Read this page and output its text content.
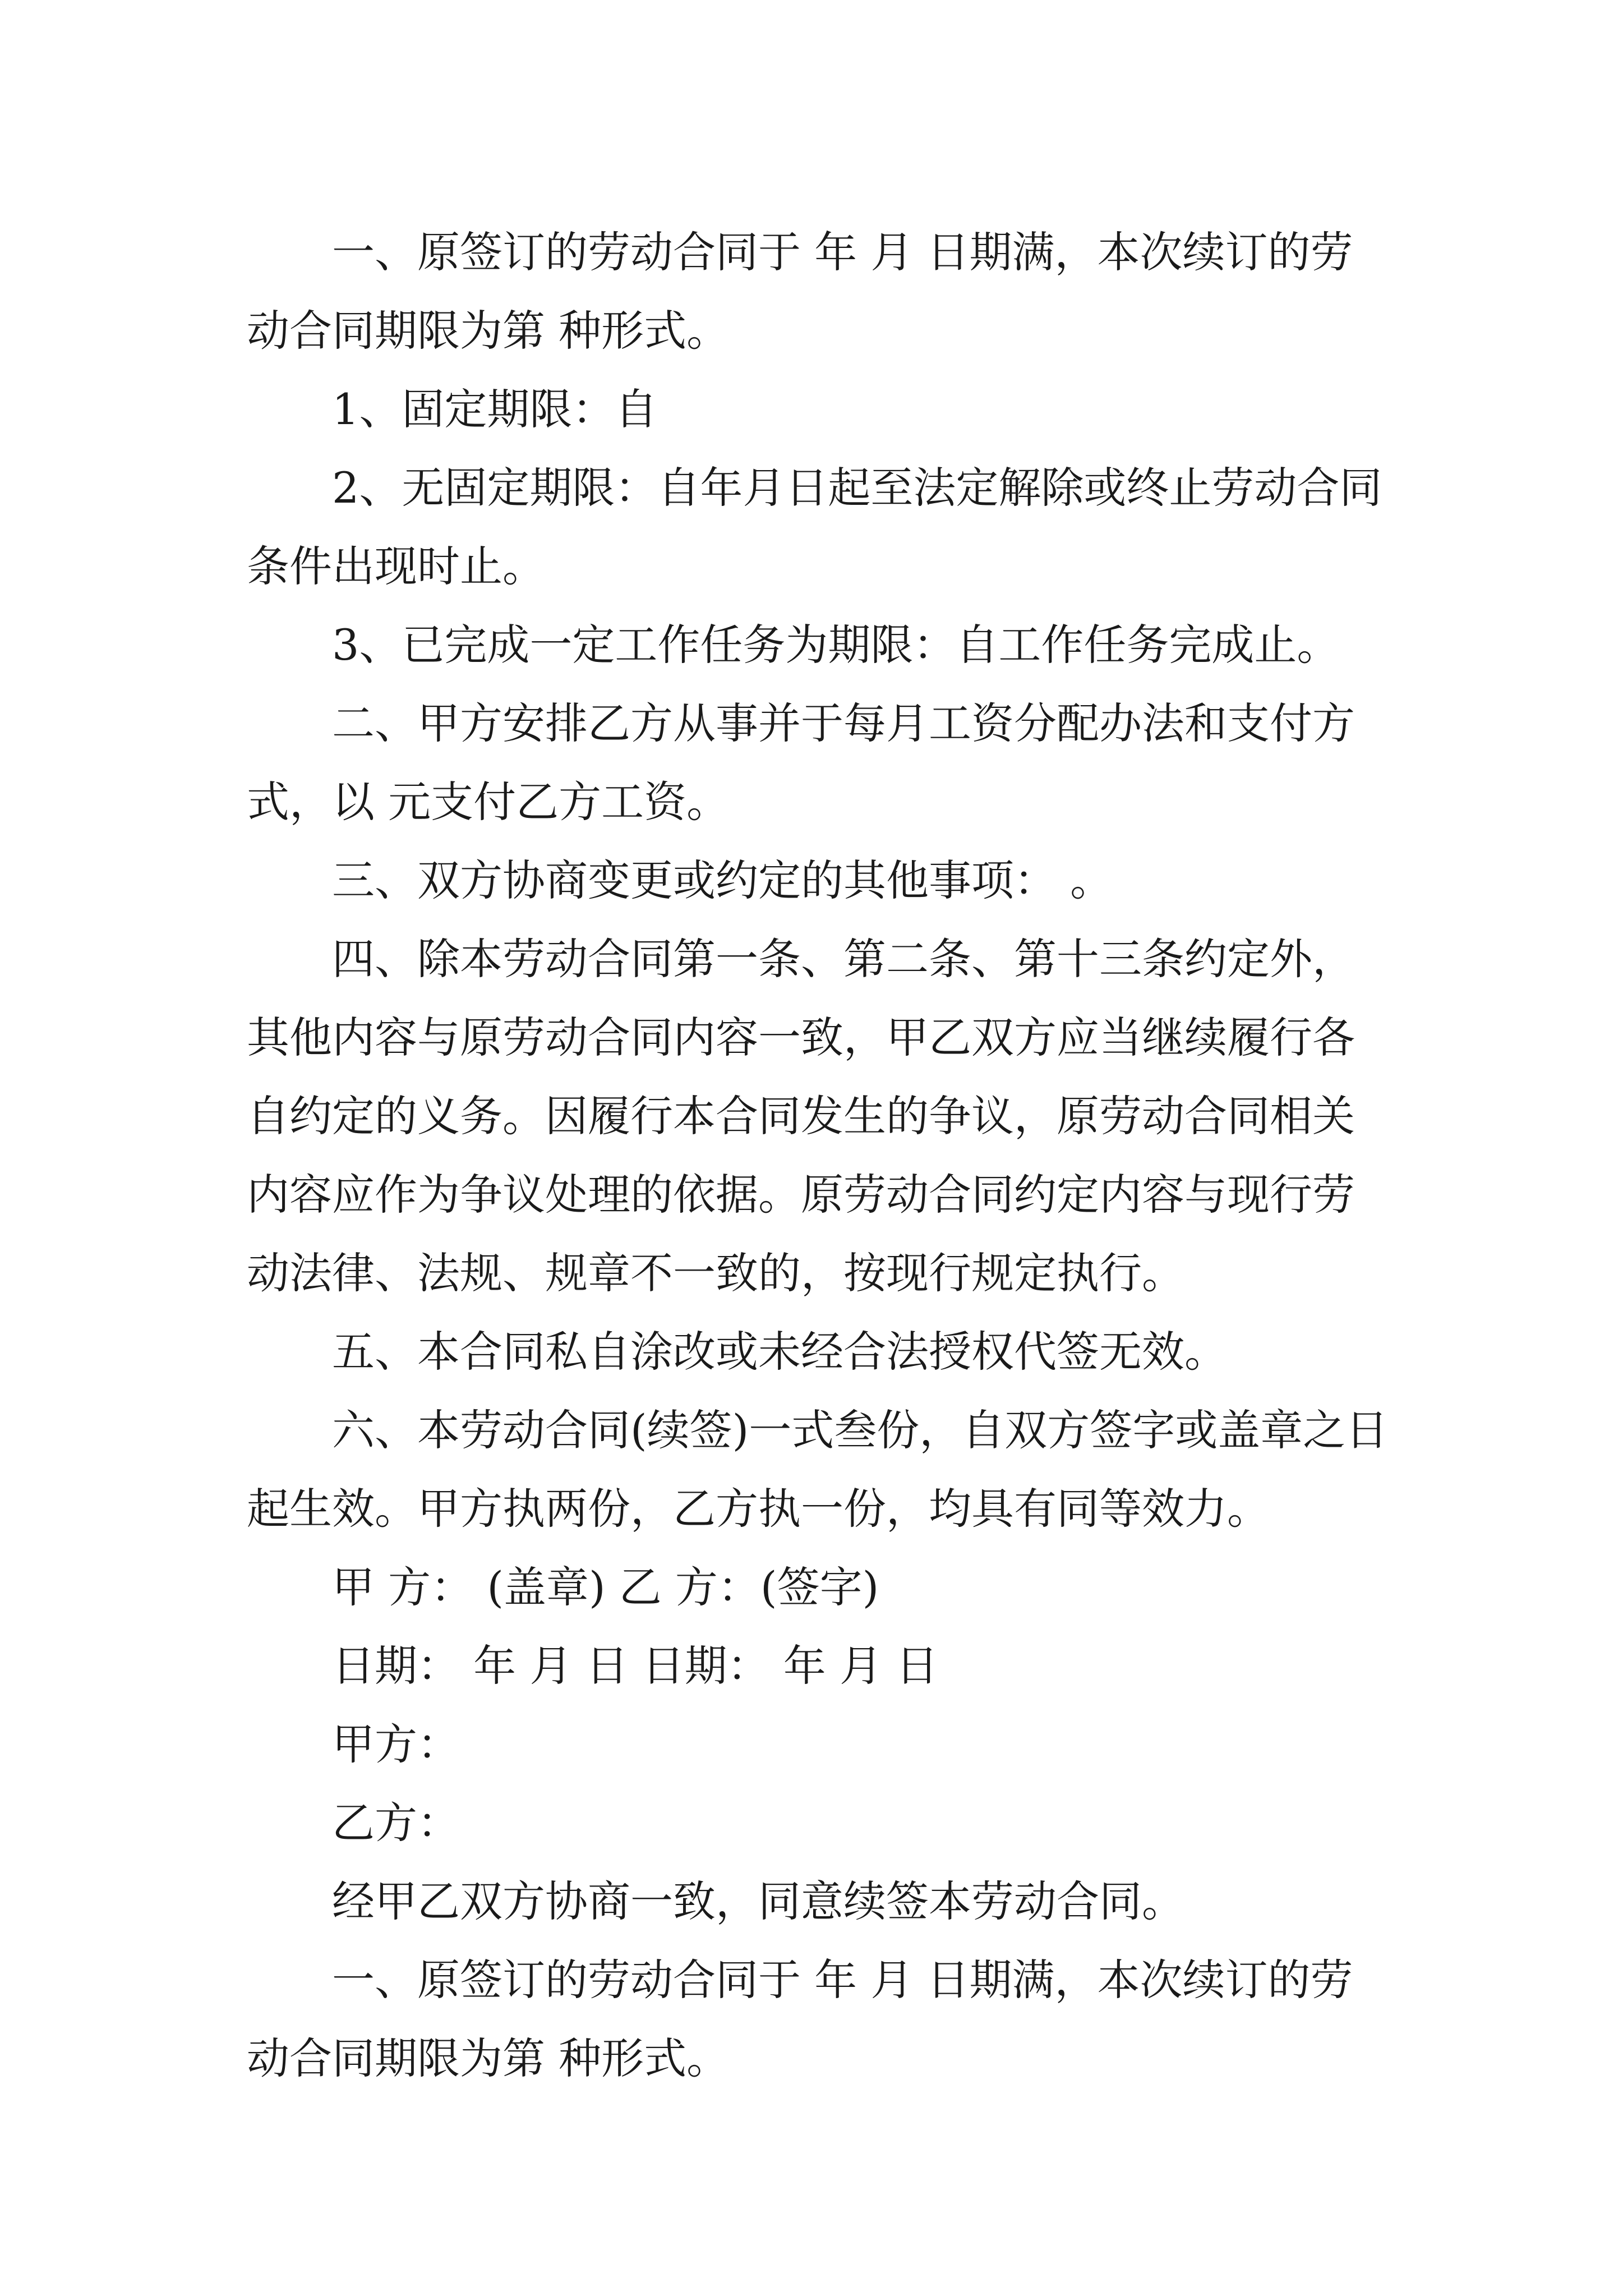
一、原签订的劳动合同于 年 月 日期满，本次续订的劳动合同期限为第 种形式。

1、固定期限：自

2、无固定期限：自年月日起至法定解除或终止劳动合同条件出现时止。

3、已完成一定工作任务为期限：自工作任务完成止。

二、甲方安排乙方从事并于每月工资分配办法和支付方式，以 元支付乙方工资。

三、双方协商变更或约定的其他事项： 。

四、除本劳动合同第一条、第二条、第十三条约定外，其他内容与原劳动合同内容一致，甲乙双方应当继续履行各自约定的义务。因履行本合同发生的争议，原劳动合同相关内容应作为争议处理的依据。原劳动合同约定内容与现行劳动法律、法规、规章不一致的，按现行规定执行。

五、本合同私自涂改或未经合法授权代签无效。

六、本劳动合同(续签)一式叁份，自双方签字或盖章之日起生效。甲方执两份，乙方执一份，均具有同等效力。

甲 方： (盖章) 乙 方：(签字)

日期： 年 月 日 日期： 年 月 日

甲方：

乙方：

经甲乙双方协商一致，同意续签本劳动合同。

一、原签订的劳动合同于 年 月 日期满，本次续订的劳动合同期限为第 种形式。
